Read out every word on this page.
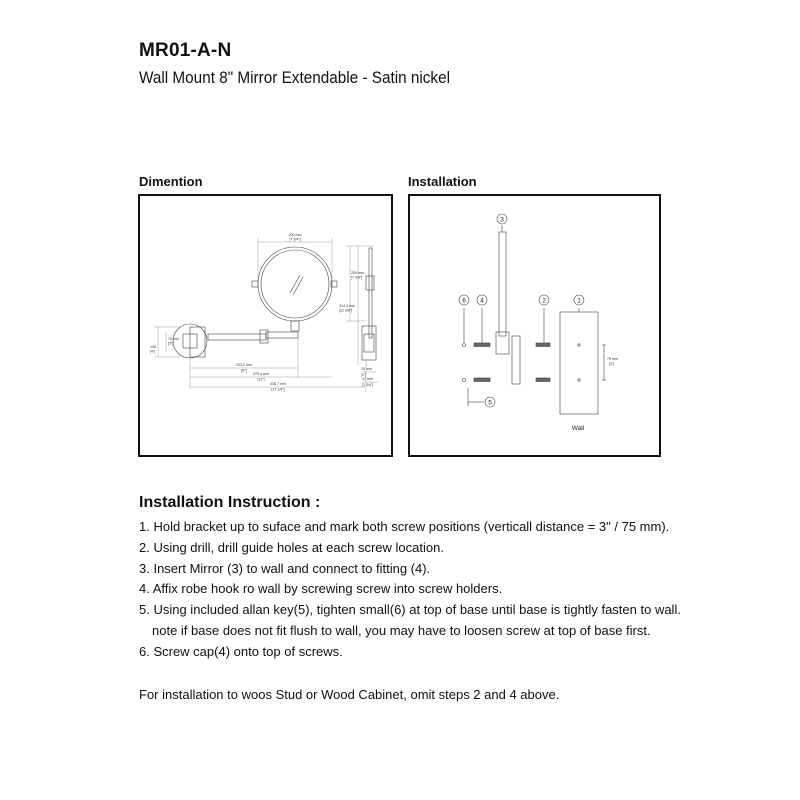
MR01-A-N
Wall Mount 8" Mirror Extendable - Satin nickel
Dimention	Installation
200 mm
[7 3/4"]
200 mm
[7 3/4"]
314.4 mm
[12 3/8"]
75 mm
[3"]
100
[4"]
203.2 mm
[8"]
279.4 mm
[11"]
438.7 mm
[17 1/4"]
25 mm
[1"]
47 mm
[1 3/4"]
3
6 4	2	1
5
75 mm
[3"]
Wall
Installation Instruction :
1. Hold bracket up to suface and mark both screw positions (verticall distance = 3" / 75 mm).
2. Using drill, drill guide holes at each screw location.
3. Insert Mirror (3) to wall and connect to fitting (4).
4. Affix robe hook ro wall by screwing screw into screw holders.
5. Using included allan key(5), tighten small(6) at top of base until base is tightly fasten to wall.
note if base does not fit flush to wall, you may have to loosen screw at top of base first.
6. Screw cap(4) onto top of screws.
For installation to woos Stud or Wood Cabinet, omit steps 2 and 4 above.
